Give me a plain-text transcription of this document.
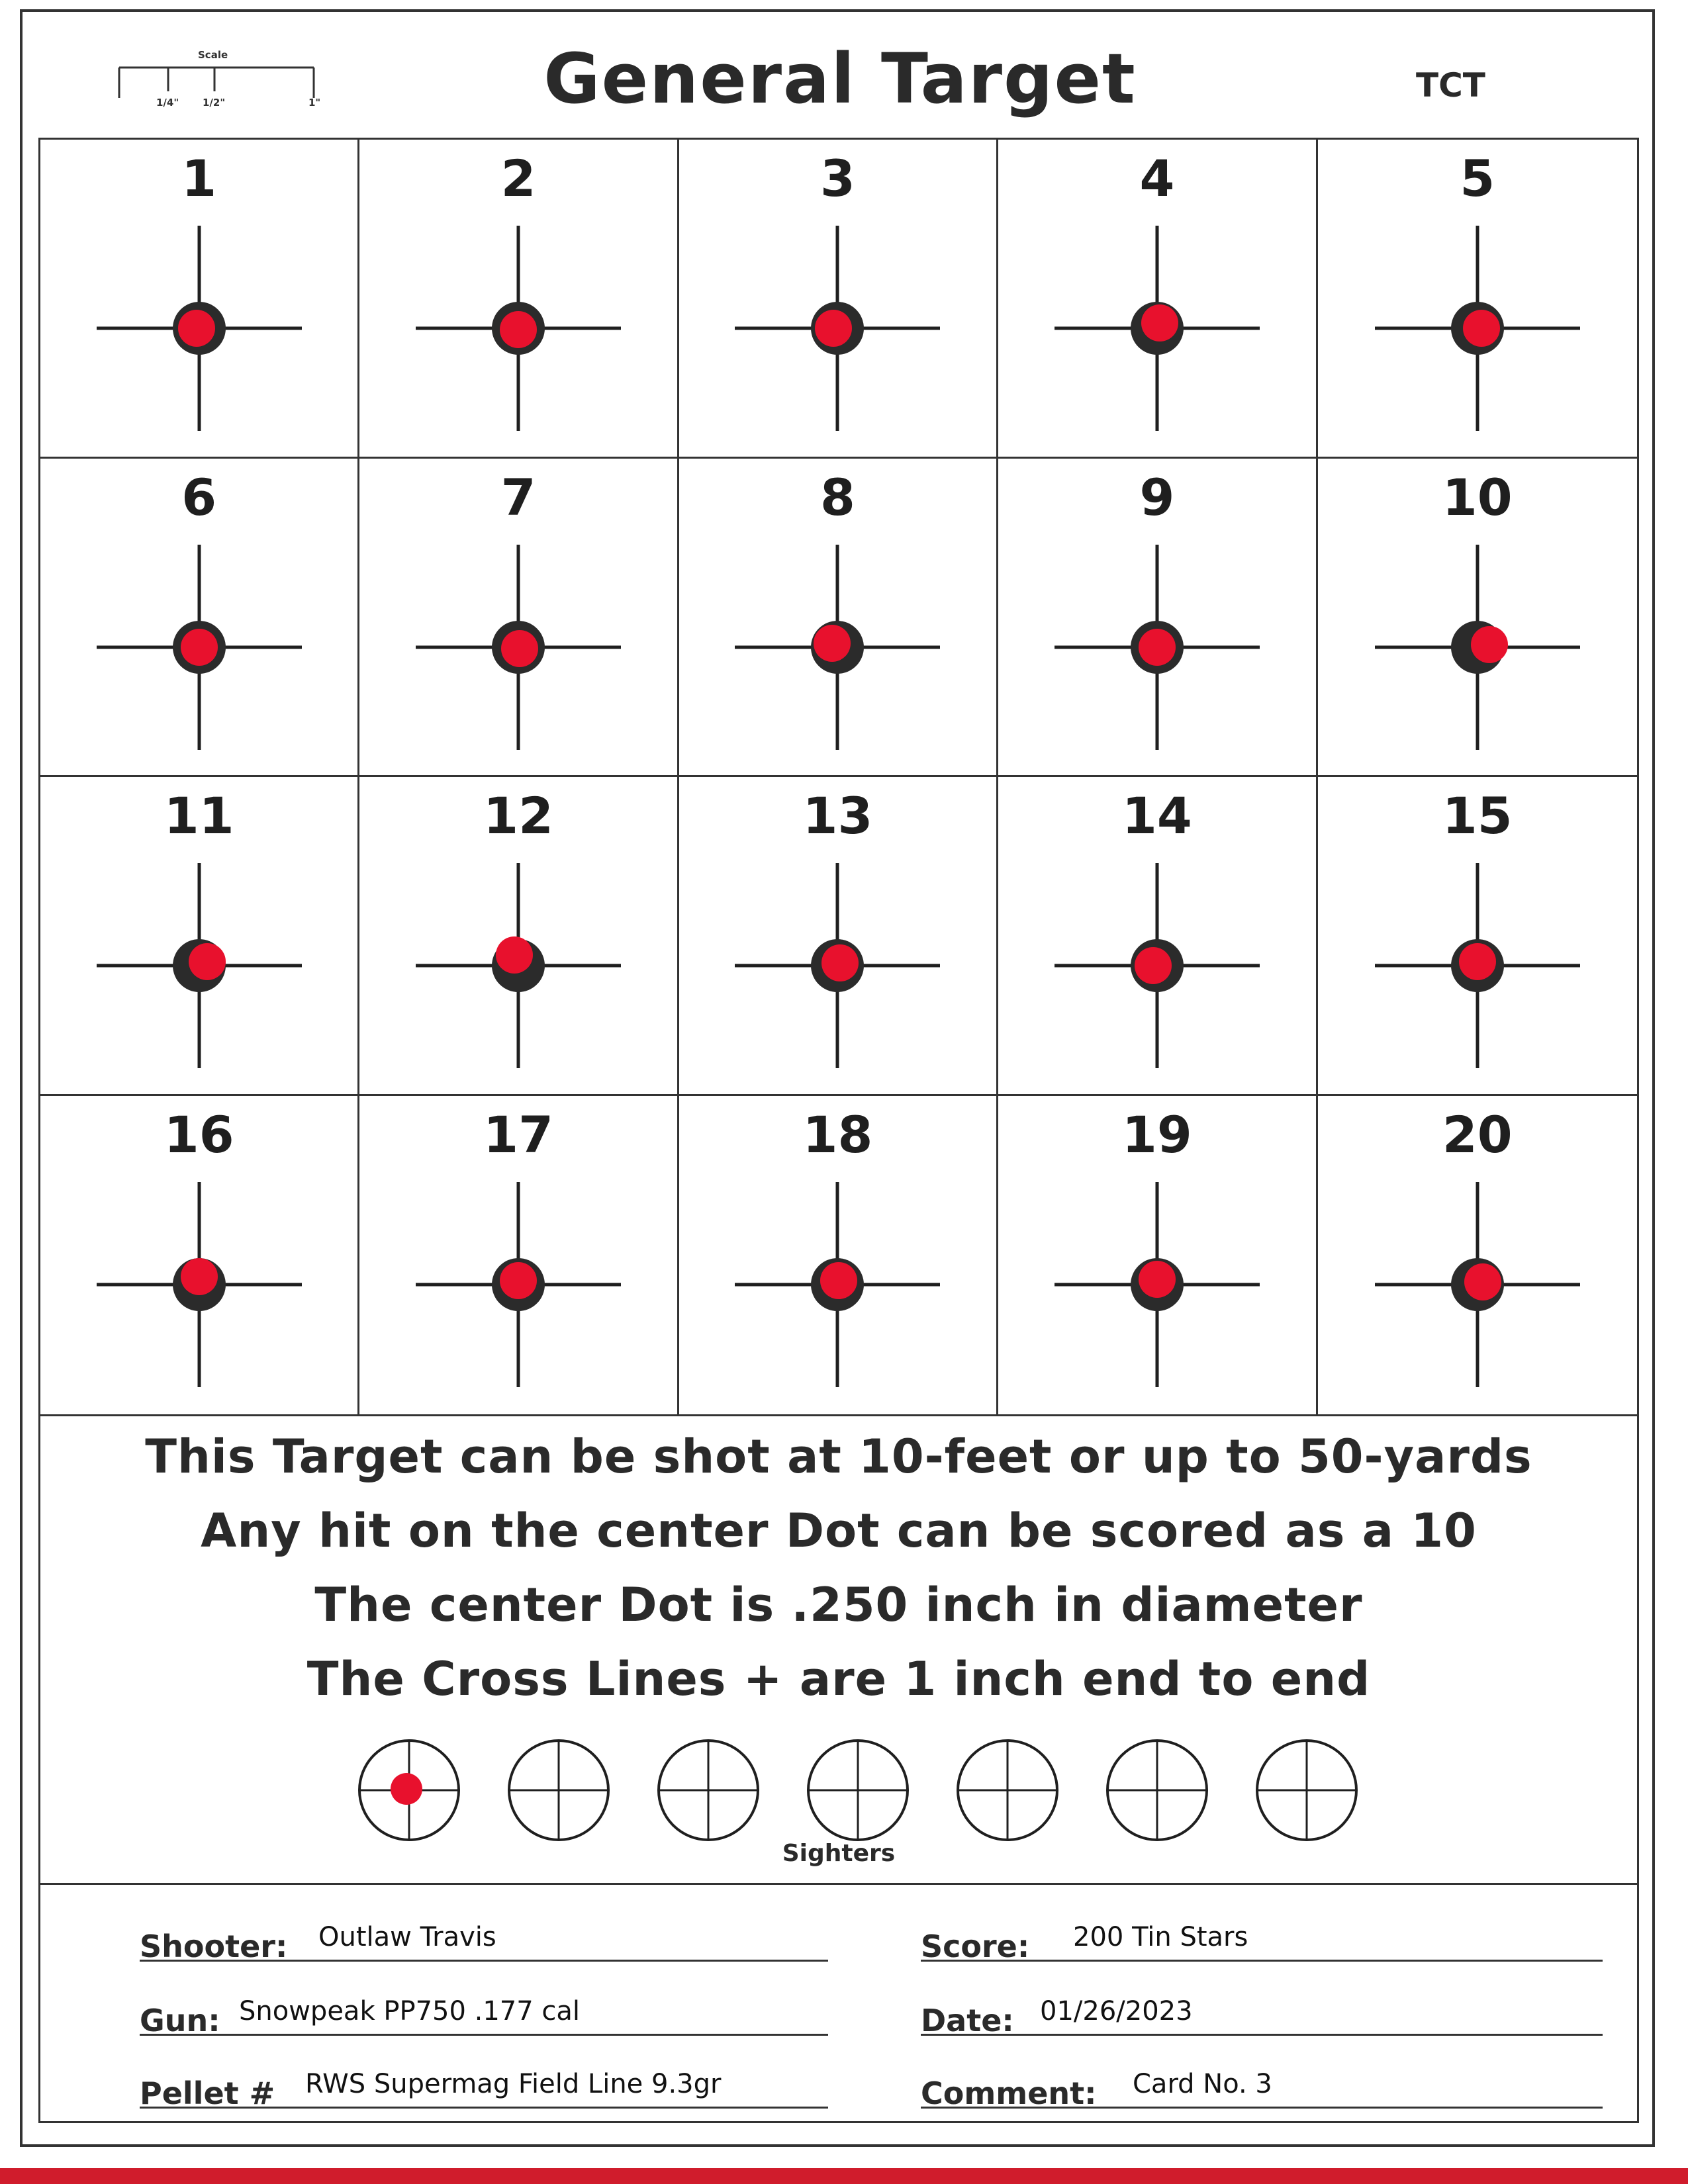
Scale
1/4" 1/2"	1"	General Target	TCT
1	2	3	4	5
6	7	8	9	10
11	12	13	14	15
16	17	18	19	20
This Target can be shot at 10-feet or up to 50-yards
Any hit on the center Dot can be scored as a 10
The center Dot is .250 inch in diameter
The Cross Lines + are 1 inch end to end
Sighters
Shooter: Outlaw Travis
Gun: Snowpeak PP750 .177 cal
Pellet # RWS Supermag Field Line 9.3gr
Score: 200 Tin Stars
Date: 01/26/2023
Comment: Card No. 3
